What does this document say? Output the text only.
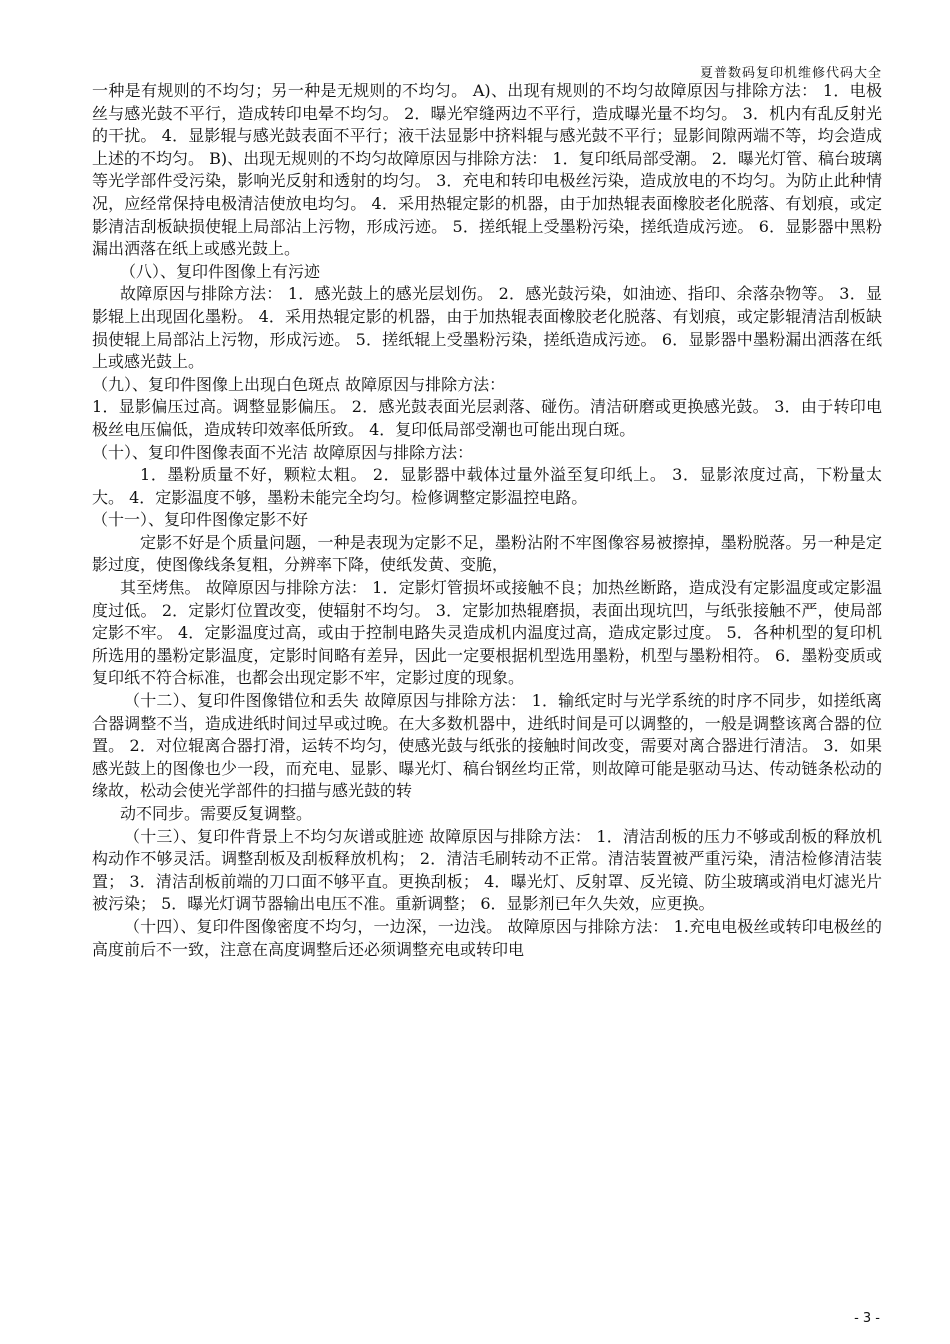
夏普数码复印机维修代码大全

一种是有规则的不均匀；另一种是无规则的不均匀。 A)、出现有规则的不均匀故障原因与排除方法： 1．电极丝与感光鼓不平行，造成转印电晕不均匀。 2．曝光窄缝两边不平行，造成曝光量不均匀。 3．机内有乱反射光的干扰。 4．显影辊与感光鼓表面不平行；液干法显影中挤料辊与感光鼓不平行；显影间隙两端不等，均会造成上述的不均匀。 B)、出现无规则的不均匀故障原因与排除方法： 1．复印纸局部受潮。 2．曝光灯管、稿台玻璃等光学部件受污染，影响光反射和透射的均匀。 3．充电和转印电极丝污染，造成放电的不均匀。为防止此种情况，应经常保持电极清洁使放电均匀。 4．采用热辊定影的机器，由于加热辊表面橡胶老化脱落、有划痕，或定影清洁刮板缺损使辊上局部沾上污物，形成污迹。 5．搓纸辊上受墨粉污染，搓纸造成污迹。 6．显影器中黑粉漏出洒落在纸上或感光鼓上。

（八）、复印件图像上有污迹

故障原因与排除方法： 1．感光鼓上的感光层划伤。 2．感光鼓污染，如油迹、指印、余落杂物等。 3．显影辊上出现固化墨粉。 4．采用热辊定影的机器，由于加热辊表面橡胶老化脱落、有划痕，或定影辊清洁刮板缺损使辊上局部沾上污物，形成污迹。 5．搓纸辊上受墨粉污染，搓纸造成污迹。 6．显影器中墨粉漏出洒落在纸上或感光鼓上。

（九）、复印件图像上出现白色斑点 故障原因与排除方法：

1．显影偏压过高。调整显影偏压。 2．感光鼓表面光层剥落、碰伤。清洁研磨或更换感光鼓。 3．由于转印电极丝电压偏低，造成转印效率低所致。 4．复印低局部受潮也可能出现白斑。

（十）、复印件图像表面不光洁 故障原因与排除方法：

1．墨粉质量不好，颗粒太粗。 2．显影器中载体过量外溢至复印纸上。 3．显影浓度过高，下粉量太大。 4．定影温度不够，墨粉未能完全均匀。检修调整定影温控电路。

（十一）、复印件图像定影不好

定影不好是个质量问题，一种是表现为定影不足，墨粉沾附不牢图像容易被擦掉，墨粉脱落。另一种是定影过度，使图像线条复粗，分辨率下降，使纸发黄、变脆，

其至烤焦。 故障原因与排除方法： 1．定影灯管损坏或接触不良；加热丝断路，造成没有定影温度或定影温度过低。 2．定影灯位置改变，使辐射不均匀。 3．定影加热辊磨损，表面出现坑凹，与纸张接触不严，使局部定影不牢。 4．定影温度过高，或由于控制电路失灵造成机内温度过高，造成定影过度。 5．各种机型的复印机所选用的墨粉定影温度，定影时间略有差异，因此一定要根据机型选用墨粉，机型与墨粉相符。 6．墨粉变质或复印纸不符合标准，也都会出现定影不牢，定影过度的现象。

（十二）、复印件图像错位和丢失 故障原因与排除方法： 1．输纸定时与光学系统的时序不同步，如搓纸离合器调整不当，造成进纸时间过早或过晚。在大多数机器中，进纸时间是可以调整的，一般是调整该离合器的位置。 2．对位辊离合器打滑，运转不均匀，使感光鼓与纸张的接触时间改变，需要对离合器进行清洁。 3．如果感光鼓上的图像也少一段，而充电、显影、曝光灯、稿台钢丝均正常，则故障可能是驱动马达、传动链条松动的缘故，松动会使光学部件的扫描与感光鼓的转

动不同步。需要反复调整。

（十三）、复印件背景上不均匀灰谱或脏迹 故障原因与排除方法： 1．清洁刮板的压力不够或刮板的释放机构动作不够灵活。调整刮板及刮板释放机构； 2．清洁毛刷转动不正常。清洁装置被严重污染，清洁检修清洁装置； 3．清洁刮板前端的刀口面不够平直。更换刮板； 4．曝光灯、反射罩、反光镜、防尘玻璃或消电灯滤光片被污染； 5．曝光灯调节器输出电压不准。重新调整； 6．显影剂已年久失效，应更换。

（十四）、复印件图像密度不均匀，一边深，一边浅。 故障原因与排除方法： 1.充电电极丝或转印电极丝的高度前后不一致，注意在高度调整后还必须调整充电或转印电

- 3 -
